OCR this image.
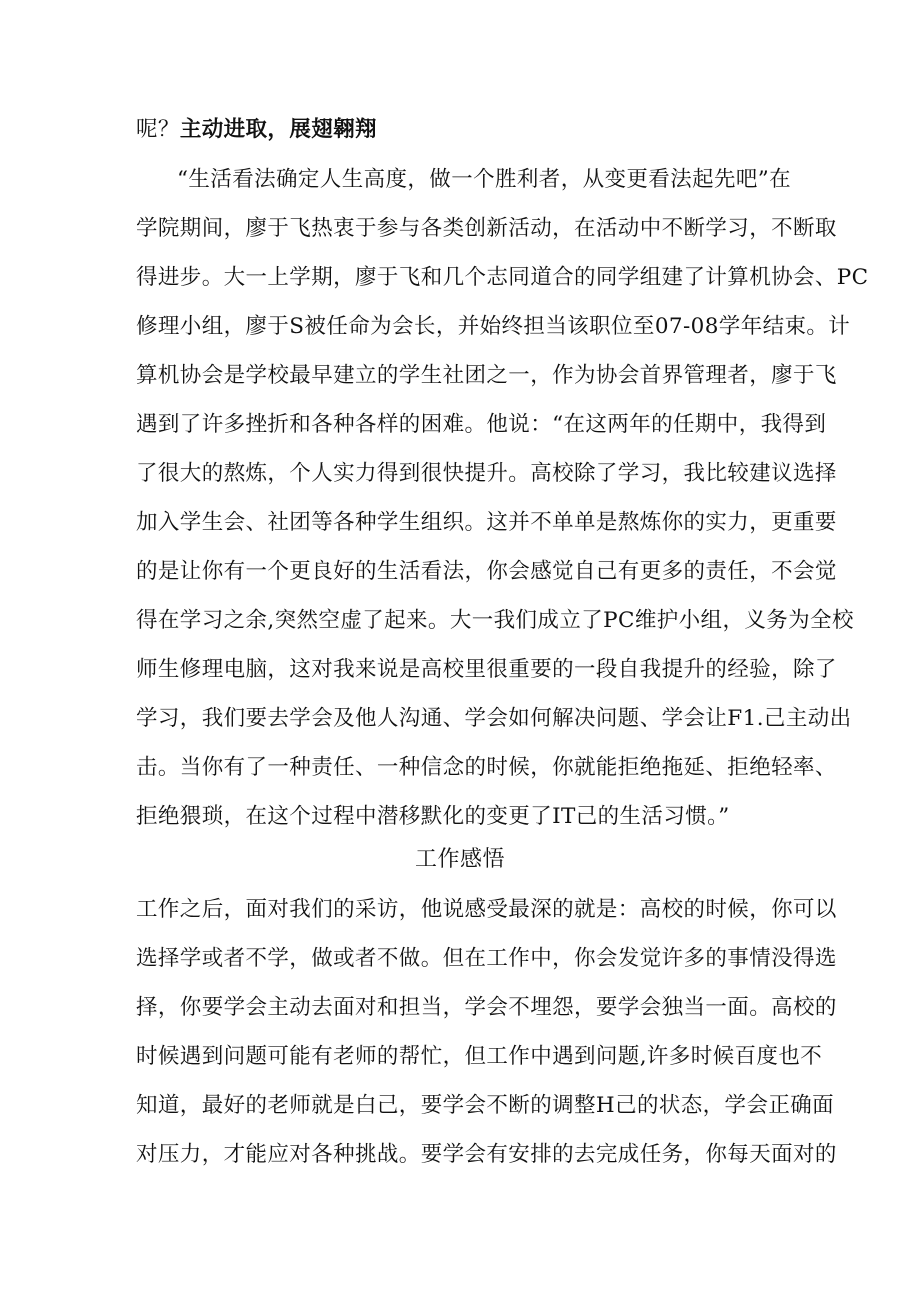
呢？主动进取，展翅翱翔
“生活看法确定人生高度，做一个胜利者，从变更看法起先吧”在
学院期间，廖于飞热衷于参与各类创新活动，在活动中不断学习，不断取
得进步。大一上学期，廖于飞和几个志同道合的同学组建了计算机协会、PC
修理小组，廖于S被任命为会长，并始终担当该职位至07-08学年结束。计
算机协会是学校最早建立的学生社团之一，作为协会首界管理者，廖于飞
遇到了许多挫折和各种各样的困难。他说：“在这两年的任期中，我得到
了很大的熬炼，个人实力得到很快提升。高校除了学习，我比较建议选择
加入学生会、社团等各种学生组织。这并不单单是熬炼你的实力，更重要
的是让你有一个更良好的生活看法，你会感觉自己有更多的责任，不会觉
得在学习之余,突然空虚了起来。大一我们成立了PC维护小组，义务为全校
师生修理电脑，这对我来说是高校里很重要的一段自我提升的经验，除了
学习，我们要去学会及他人沟通、学会如何解决问题、学会让F1.己主动出
击。当你有了一种责任、一种信念的时候，你就能拒绝拖延、拒绝轻率、
拒绝猥琐，在这个过程中潜移默化的变更了IT己的生活习惯。”
工作感悟
工作之后，面对我们的采访，他说感受最深的就是：高校的时候，你可以
选择学或者不学，做或者不做。但在工作中，你会发觉许多的事情没得选
择，你要学会主动去面对和担当，学会不埋怨，要学会独当一面。高校的
时候遇到问题可能有老师的帮忙，但工作中遇到问题,许多时候百度也不
知道，最好的老师就是白己，要学会不断的调整H己的状态，学会正确面
对压力，才能应对各种挑战。要学会有安排的去完成任务，你每天面对的
